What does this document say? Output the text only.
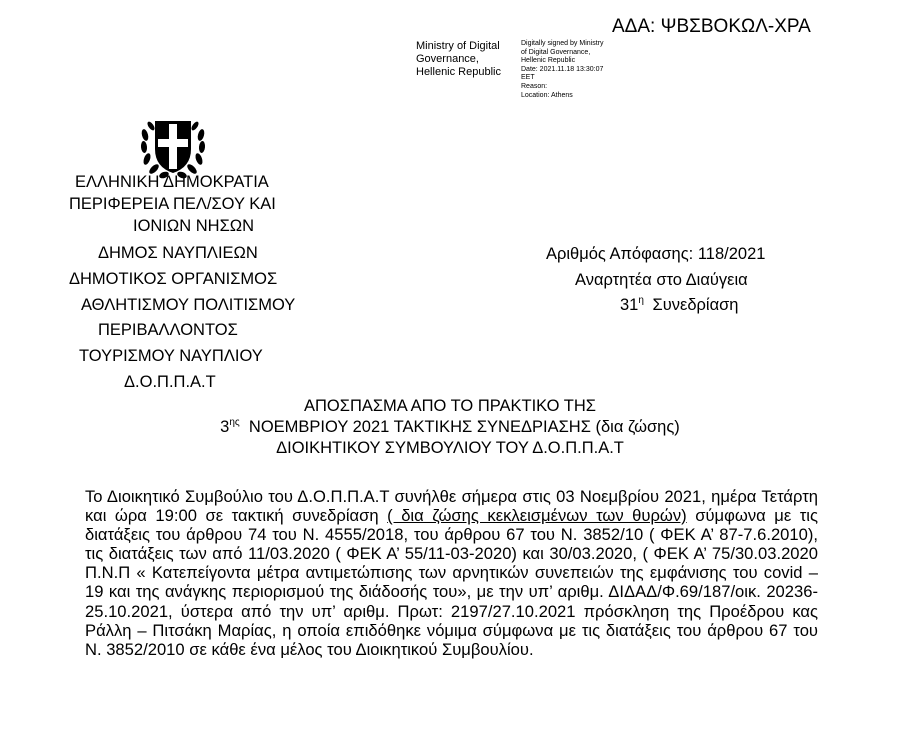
ΑΔΑ: ΨΒΣΒΟΚΩΛ-ΧΡΑ
Ministry of Digital
Governance,
Hellenic Republic
Digitally signed by Ministry
of Digital Governance,
Hellenic Republic
Date: 2021.11.18 13:30:07
EET
Reason:
Location: Athens
ΕΛΛΗΝΙΚΗ ΔΗΜΟΚΡΑΤΙΑ
ΠΕΡΙΦΕΡΕΙΑ ΠΕΛ/ΣΟΥ ΚΑΙ
ΙΟΝΙΩΝ ΝΗΣΩΝ
ΔΗΜΟΣ ΝΑΥΠΛΙΕΩΝ
ΔΗΜΟΤΙΚΟΣ ΟΡΓΑΝΙΣΜΟΣ
ΑΘΛΗΤΙΣΜΟΥ ΠΟΛΙΤΙΣΜΟΥ
ΠΕΡΙΒΑΛΛΟΝΤΟΣ
ΤΟΥΡΙΣΜΟΥ ΝΑΥΠΛΙΟΥ
Δ.Ο.Π.Π.Α.Τ
Αριθμός Απόφασης: 118/2021
Αναρτητέα στο Διαύγεια
$31^\eta$ Συνεδρίαση
ΑΠΟΣΠΑΣΜΑ ΑΠΟ ΤΟ ΠΡΑΚΤΙΚΟ ΤΗΣ
$3^{\eta\varsigma}$  ΝΟΕΜΒΡΙΟΥ 2021 ΤΑΚΤΙΚΗΣ ΣΥΝΕΔΡΙΑΣΗΣ (δια ζώσης)
ΔΙΟΙΚΗΤΙΚΟΥ ΣΥΜΒΟΥΛΙΟΥ ΤΟΥ Δ.Ο.Π.Π.Α.Τ
Το Διοικητικό Συμβούλιο του Δ.Ο.Π.Π.Α.Τ συνήλθε σήμερα στις 03 Νοεμβρίου 2021, ημέρα Τετάρτη και ώρα 19:00 σε τακτική συνεδρίαση ( δια ζώσης κεκλεισμένων των θυρών) σύμφωνα με τις διατάξεις του άρθρου 74 του Ν. 4555/2018, του άρθρου 67 του Ν. 3852/10 ( ΦΕΚ Α’ 87-7.6.2010), τις διατάξεις των από 11/03.2020 ( ΦΕΚ Α’ 55/11-03-2020) και 30/03.2020, ( ΦΕΚ Α’ 75/30.03.2020 Π.Ν.Π « Κατεπείγοντα μέτρα αντιμετώπισης των αρνητικών συνεπειών της εμφάνισης του covid – 19 και της ανάγκης περιορισμού της διάδοσής του», με την υπ’ αριθμ. ΔΙΔΑΔ/Φ.69/187/οικ. 20236- 25.10.2021, ύστερα από την υπ’ αριθμ. Πρωτ: 2197/27.10.2021 πρόσκληση της Προέδρου κας Ράλλη – Πιτσάκη Μαρίας, η οποία επιδόθηκε νόμιμα σύμφωνα με τις διατάξεις του άρθρου 67 του Ν. 3852/2010 σε κάθε ένα μέλος του Διοικητικού Συμβουλίου.
